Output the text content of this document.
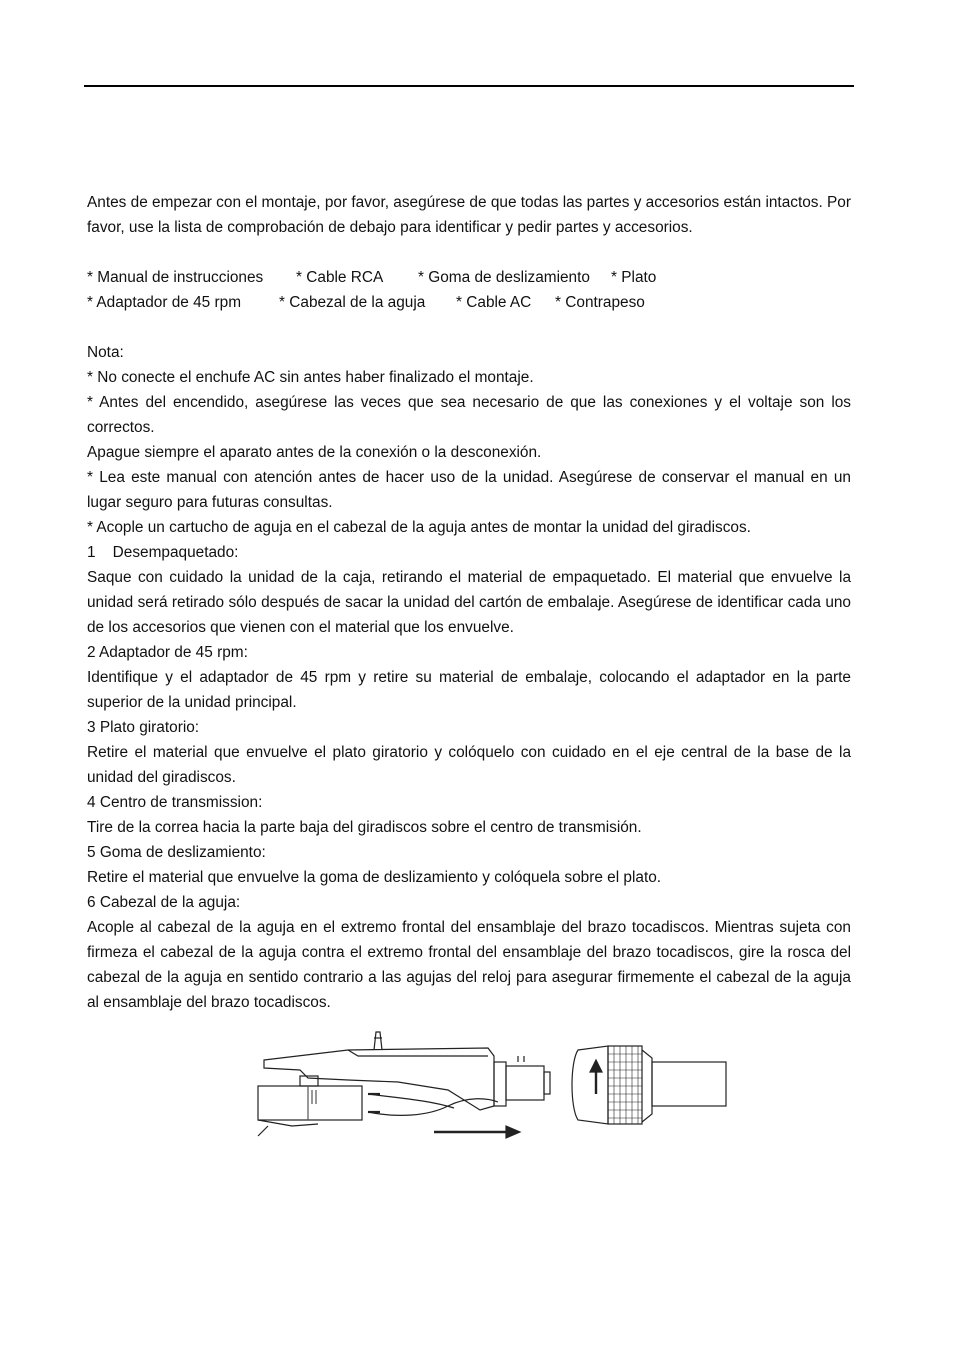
Antes de empezar con el montaje, por favor, asegúrese de que todas las partes y accesorios están intactos. Por favor, use la lista de comprobación de debajo para identificar y pedir partes y accesorios.

* Manual de instrucciones	* Cable RCA	* Goma de deslizamiento	* Plato
* Adaptador de 45 rpm	* Cabezal de la aguja	* Cable AC	* Contrapeso

Nota:

* No conecte el enchufe AC sin antes haber finalizado el montaje.

* Antes del encendido, asegúrese las veces que sea necesario de que las conexiones y el voltaje son los correctos.

Apague siempre el aparato antes de la conexión o la desconexión.

* Lea este manual con atención antes de hacer uso de la unidad. Asegúrese de conservar el manual en un lugar seguro para futuras consultas.

* Acople un cartucho de aguja en el cabezal de la aguja antes de montar la unidad del giradiscos.

1    Desempaquetado:

Saque con cuidado la unidad de la caja, retirando el material de empaquetado. El material que envuelve la unidad será retirado sólo después de sacar la unidad del cartón de embalaje. Asegúrese de identificar cada uno de los accesorios que vienen con el material que los envuelve.

2 Adaptador de 45 rpm:

Identifique y el adaptador de 45 rpm y retire su material de embalaje, colocando el adaptador en la parte superior de la unidad principal.

3 Plato giratorio:

Retire el material que envuelve el plato giratorio y colóquelo con cuidado en el eje central de la base de la unidad del giradiscos.

4 Centro de transmission:

Tire de la correa hacia la parte baja del giradiscos sobre el centro de transmisión.

5 Goma de deslizamiento:

Retire el material que envuelve la goma de deslizamiento y colóquela sobre el plato.

6 Cabezal de la aguja:

Acople al cabezal de la aguja en el extremo frontal del ensamblaje del brazo tocadiscos. Mientras sujeta con firmeza el cabezal de la aguja contra el extremo frontal del ensamblaje del brazo tocadiscos, gire la rosca del cabezal de la aguja en sentido contrario a las agujas del reloj para asegurar firmemente el cabezal de la aguja al ensamblaje del brazo tocadiscos.
